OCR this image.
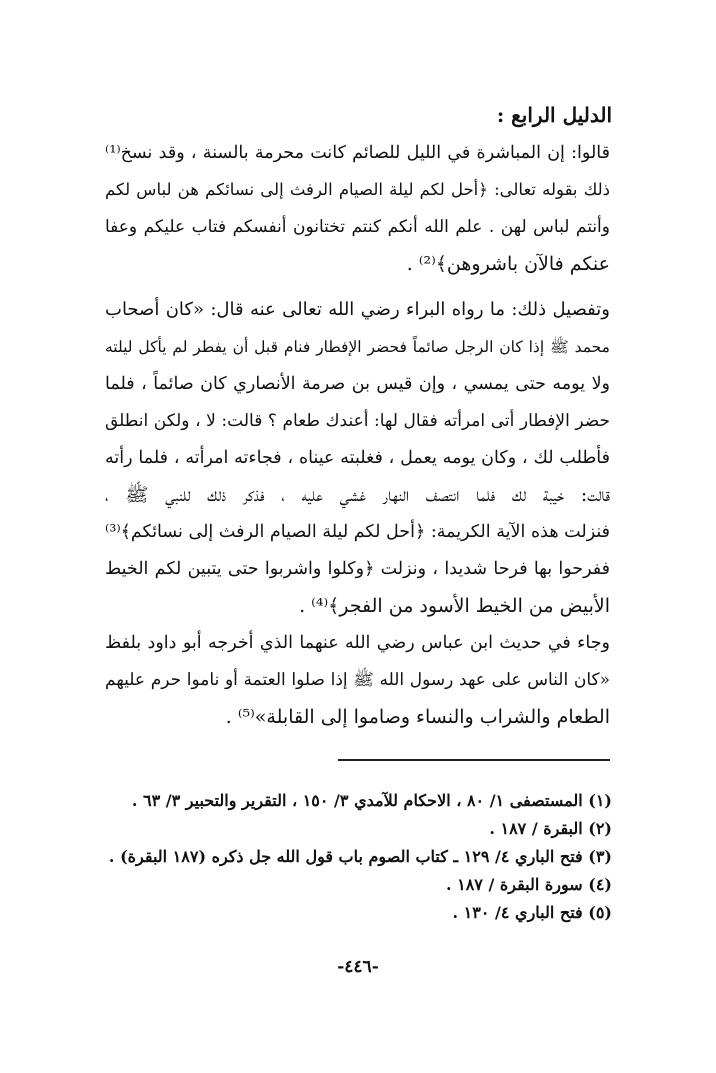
الدليل الرابع :
قالوا: إن المباشرة في الليل للصائم كانت محرمة بالسنة ، وقد نسخ⁽¹⁾
ذلك بقوله تعالى: ﴿أحل لكم ليلة الصيام الرفث إلى نسائكم هن لباس لكم
وأنتم لباس لهن . علم الله أنكم كنتم تختانون أنفسكم فتاب عليكم وعفا
عنكم فالآن باشروهن﴾⁽²⁾ .
وتفصيل ذلك: ما رواه البراء رضي الله تعالى عنه قال: «كان أصحاب
محمد ﷺ إذا كان الرجل صائماً فحضر الإفطار فنام قبل أن يفطر لم يأكل ليلته
ولا يومه حتى يمسي ، وإن قيس بن صرمة الأنصاري كان صائماً ، فلما
حضر الإفطار أتى امرأته فقال لها: أعندك طعام ؟ قالت: لا ، ولكن انطلق
فأطلب لك ، وكان يومه يعمل ، فغلبته عيناه ، فجاءته امرأته ، فلما رأته
قالت: خيبة لك فلما انتصف النهار غشي عليه ، فذكر ذلك للنبي ﷺ ،
فنزلت هذه الآية الكريمة: ﴿أحل لكم ليلة الصيام الرفث إلى نسائكم﴾⁽³⁾
ففرحوا بها فرحا شديدا ، ونزلت ﴿وكلوا واشربوا حتى يتبين لكم الخيط
الأبيض من الخيط الأسود من الفجر﴾⁽⁴⁾ .
وجاء في حديث ابن عباس رضي الله عنهما الذي أخرجه أبو داود بلفظ
«كان الناس على عهد رسول الله ﷺ إذا صلوا العتمة أو ناموا حرم عليهم
الطعام والشراب والنساء وصاموا إلى القابلة»⁽⁵⁾ .
(١) المستصفى ١/ ٨٠ ، الاحكام للآمدي ٣/ ١٥٠ ، التقرير والتحبير ٣/ ٦٣ .
(٢) البقرة / ١٨٧ .
(٣) فتح الباري ٤/ ١٢٩ ـ كتاب الصوم باب قول الله جل ذكره (١٨٧ البقرة) .
(٤) سورة البقرة / ١٨٧ .
(٥) فتح الباري ٤/ ١٣٠ .
-٤٤٦-
